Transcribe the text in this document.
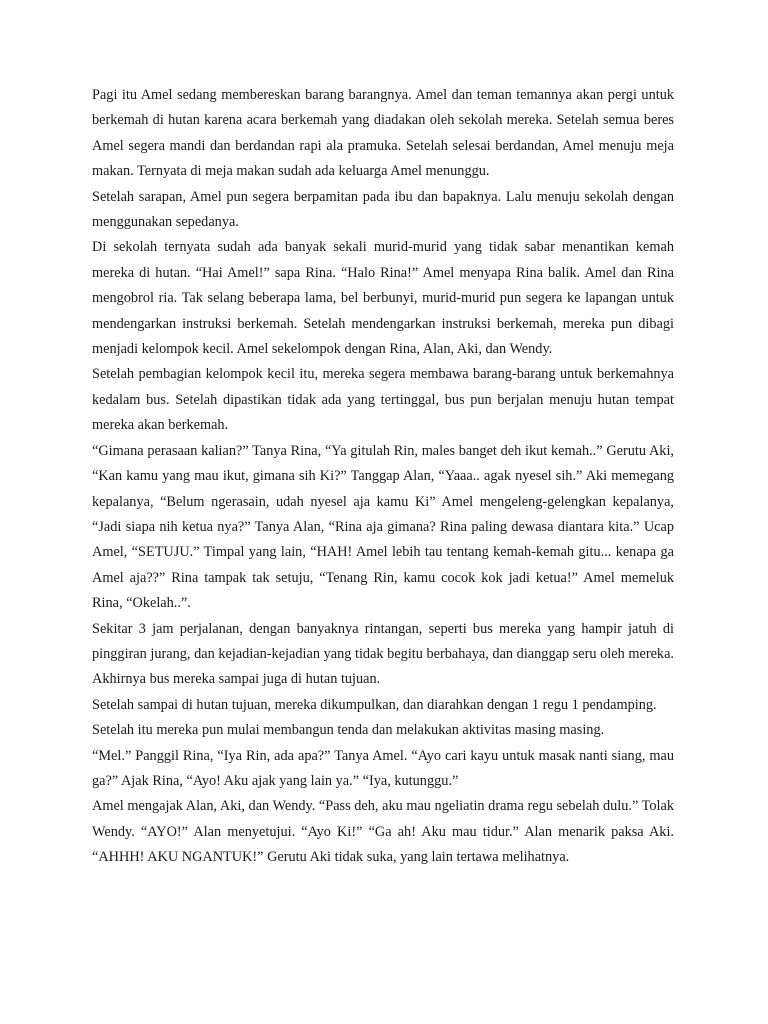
Pagi itu Amel sedang membereskan barang barangnya. Amel dan teman temannya akan pergi untuk berkemah di hutan karena acara berkemah yang diadakan oleh sekolah mereka. Setelah semua beres Amel segera mandi dan berdandan rapi ala pramuka. Setelah selesai berdandan, Amel menuju meja makan. Ternyata di meja makan sudah ada keluarga Amel menunggu.

Setelah sarapan, Amel pun segera berpamitan pada ibu dan bapaknya. Lalu menuju sekolah dengan menggunakan sepedanya.

Di sekolah ternyata sudah ada banyak sekali murid-murid yang tidak sabar menantikan kemah mereka di hutan. “Hai Amel!” sapa Rina. “Halo Rina!” Amel menyapa Rina balik. Amel dan Rina mengobrol ria. Tak selang beberapa lama, bel berbunyi, murid-murid pun segera ke lapangan untuk mendengarkan instruksi berkemah. Setelah mendengarkan instruksi berkemah, mereka pun dibagi menjadi kelompok kecil. Amel sekelompok dengan Rina, Alan, Aki, dan Wendy.

Setelah pembagian kelompok kecil itu, mereka segera membawa barang-barang untuk berkemahnya kedalam bus. Setelah dipastikan tidak ada yang tertinggal, bus pun berjalan menuju hutan tempat mereka akan berkemah.

“Gimana perasaan kalian?” Tanya Rina, “Ya gitulah Rin, males banget deh ikut kemah..” Gerutu Aki, “Kan kamu yang mau ikut, gimana sih Ki?” Tanggap Alan, “Yaaa.. agak nyesel sih.” Aki memegang kepalanya, “Belum ngerasain, udah nyesel aja kamu Ki” Amel mengeleng-gelengkan kepalanya, “Jadi siapa nih ketua nya?” Tanya Alan, “Rina aja gimana? Rina paling dewasa diantara kita.” Ucap Amel, “SETUJU.” Timpal yang lain, “HAH! Amel lebih tau tentang kemah-kemah gitu... kenapa ga Amel aja??” Rina tampak tak setuju, “Tenang Rin, kamu cocok kok jadi ketua!” Amel memeluk Rina, “Okelah..”.

Sekitar 3 jam perjalanan, dengan banyaknya rintangan, seperti bus mereka yang hampir jatuh di pinggiran jurang, dan kejadian-kejadian yang tidak begitu berbahaya, dan dianggap seru oleh mereka. Akhirnya bus mereka sampai juga di hutan tujuan.

Setelah sampai di hutan tujuan, mereka dikumpulkan, dan diarahkan dengan 1 regu 1 pendamping.

Setelah itu mereka pun mulai membangun tenda dan melakukan aktivitas masing masing.

“Mel.” Panggil Rina, “Iya Rin, ada apa?” Tanya Amel. “Ayo cari kayu untuk masak nanti siang, mau ga?” Ajak Rina, “Ayo! Aku ajak yang lain ya.” “Iya, kutunggu.”

Amel mengajak Alan, Aki, dan Wendy. “Pass deh, aku mau ngeliatin drama regu sebelah dulu.” Tolak Wendy. “AYO!” Alan menyetujui. “Ayo Ki!” “Ga ah! Aku mau tidur.” Alan menarik paksa Aki. “AHHH! AKU NGANTUK!” Gerutu Aki tidak suka, yang lain tertawa melihatnya.
